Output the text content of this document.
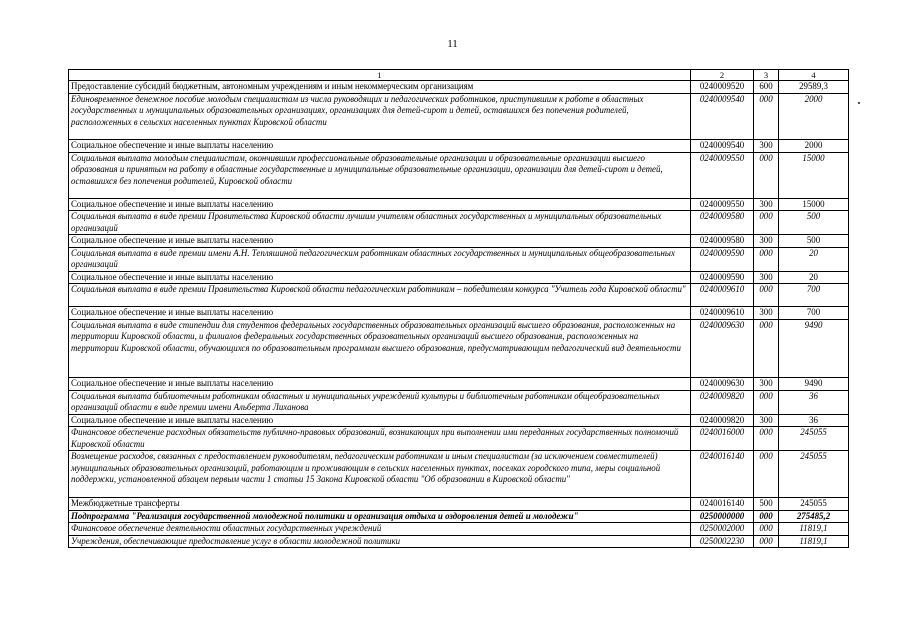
11
1	2	3	4
Предоставление субсидий бюджетным, автономным учреждениям и иным некоммерческим организациям	0240009520	600	29589,3
Единовременное денежное пособие молодым специалистам из числа руководящих и педагогических работников, приступившим к работе в областных государственных и муниципальных образовательных организациях, организациях для детей-сирот и детей, оставшихся без попечения родителей, расположенных в сельских населенных пунктах Кировской области	0240009540	000	2000
Социальное обеспечение и иные выплаты населению	0240009540	300	2000
Социальная выплата молодым специалистам, окончившим профессиональные образовательные организации и образовательные организации высшего образования и принятым на работу в областные государственные и муниципальные образовательные организации, организации для детей-сирот и детей, оставшихся без попечения родителей, Кировской области	0240009550	000	15000
Социальное обеспечение и иные выплаты населению	0240009550	300	15000
Социальная выплата в виде премии Правительства Кировской области лучшим учителям областных государственных и муниципальных образовательных организаций	0240009580	000	500
Социальное обеспечение и иные выплаты населению	0240009580	300	500
Социальная выплата в виде премии имени А.Н. Тепляшиной педагогическим работникам областных государственных и муниципальных общеобразовательных организаций	0240009590	000	20
Социальное обеспечение и иные выплаты населению	0240009590	300	20
Социальная выплата в виде премии Правительства Кировской области педагогическим работникам – победителям конкурса "Учитель года Кировской области"	0240009610	000	700
Социальное обеспечение и иные выплаты населению	0240009610	300	700
Социальная выплата в виде стипендии для студентов федеральных государственных образовательных организаций высшего образования, расположенных на территории Кировской области, и филиалов федеральных государственных образовательных организаций высшего образования, расположенных на территории Кировской области, обучающихся по образовательным программам высшего образования, предусматривающим педагогический вид деятельности	0240009630	000	9490
Социальное обеспечение и иные выплаты населению	0240009630	300	9490
Социальная выплата библиотечным работникам областных и муниципальных учреждений культуры и библиотечным работникам общеобразовательных организаций области в виде премии имени Альберта Лиханова	0240009820	000	36
Социальное обеспечение и иные выплаты населению	0240009820	300	36
Финансовое обеспечение расходных обязательств публично-правовых образований, возникающих при выполнении ими переданных государственных полномочий Кировской области	0240016000	000	245055
Возмещение расходов, связанных с предоставлением руководителям, педагогическим работникам и иным специалистам (за исключением совместителей) муниципальных образовательных организаций, работающим и проживающим в сельских населенных пунктах, поселках городского типа, меры социальной поддержки, установленной абзацем первым части 1 статьи 15 Закона Кировской области "Об образовании в Кировской области"	0240016140	000	245055
Межбюджетные трансферты	0240016140	500	245055
Подпрограмма "Реализация государственной молодежной политики и организация отдыха и оздоровления детей и молодежи"	0250000000	000	275485,2
Финансовое обеспечение деятельности областных государственных учреждений	0250002000	000	11819,1
Учреждения, обеспечивающие предоставление услуг в области молодежной политики	0250002230	000	11819,1
